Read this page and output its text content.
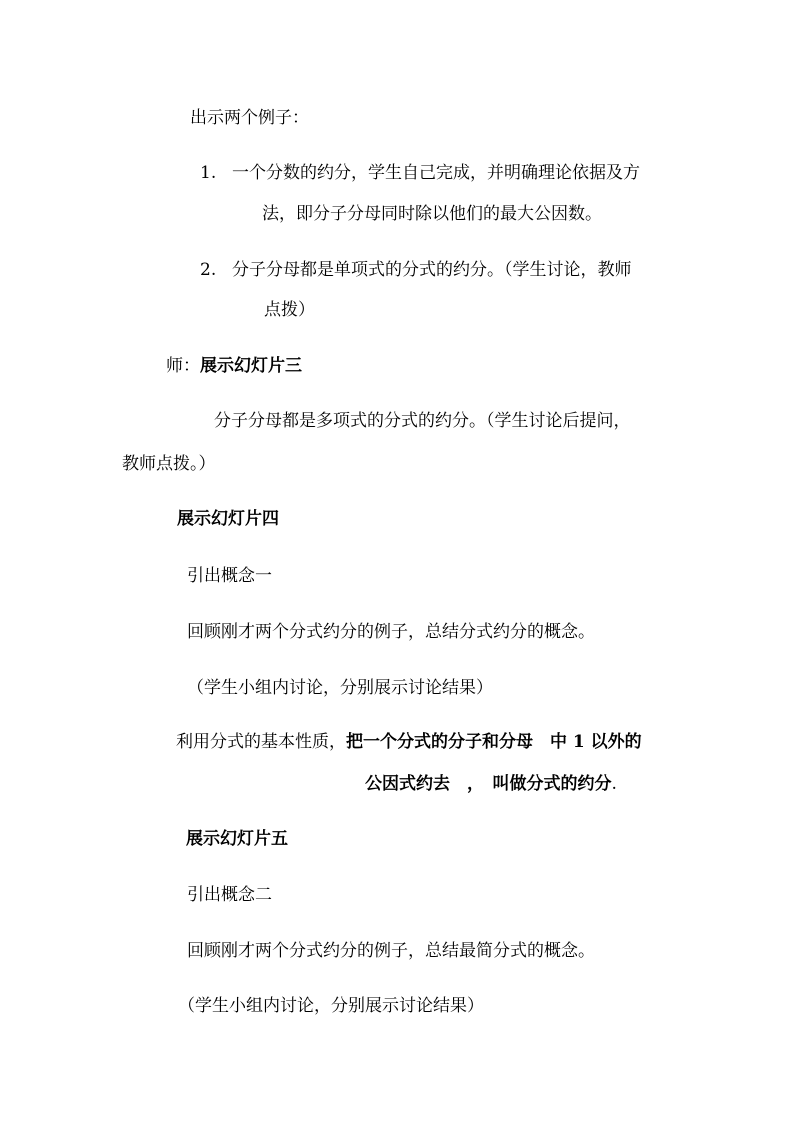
出示两个例子：
1. 一个分数的约分，学生自己完成，并明确理论依据及方
法，即分子分母同时除以他们的最大公因数。
2. 分子分母都是单项式的分式的约分。（学生讨论，教师
点拨）
师：展示幻灯片三
分子分母都是多项式的分式的约分。（学生讨论后提问，
教师点拨。）
展示幻灯片四
引出概念一
回顾刚才两个分式约分的例子，总结分式约分的概念。
（学生小组内讨论，分别展示讨论结果）
利用分式的基本性质，把一个分式的分子和分母　中 1 以外的
公因式约去　，　叫做分式的约分.
展示幻灯片五
引出概念二
回顾刚才两个分式约分的例子，总结最简分式的概念。
（学生小组内讨论，分别展示讨论结果）
